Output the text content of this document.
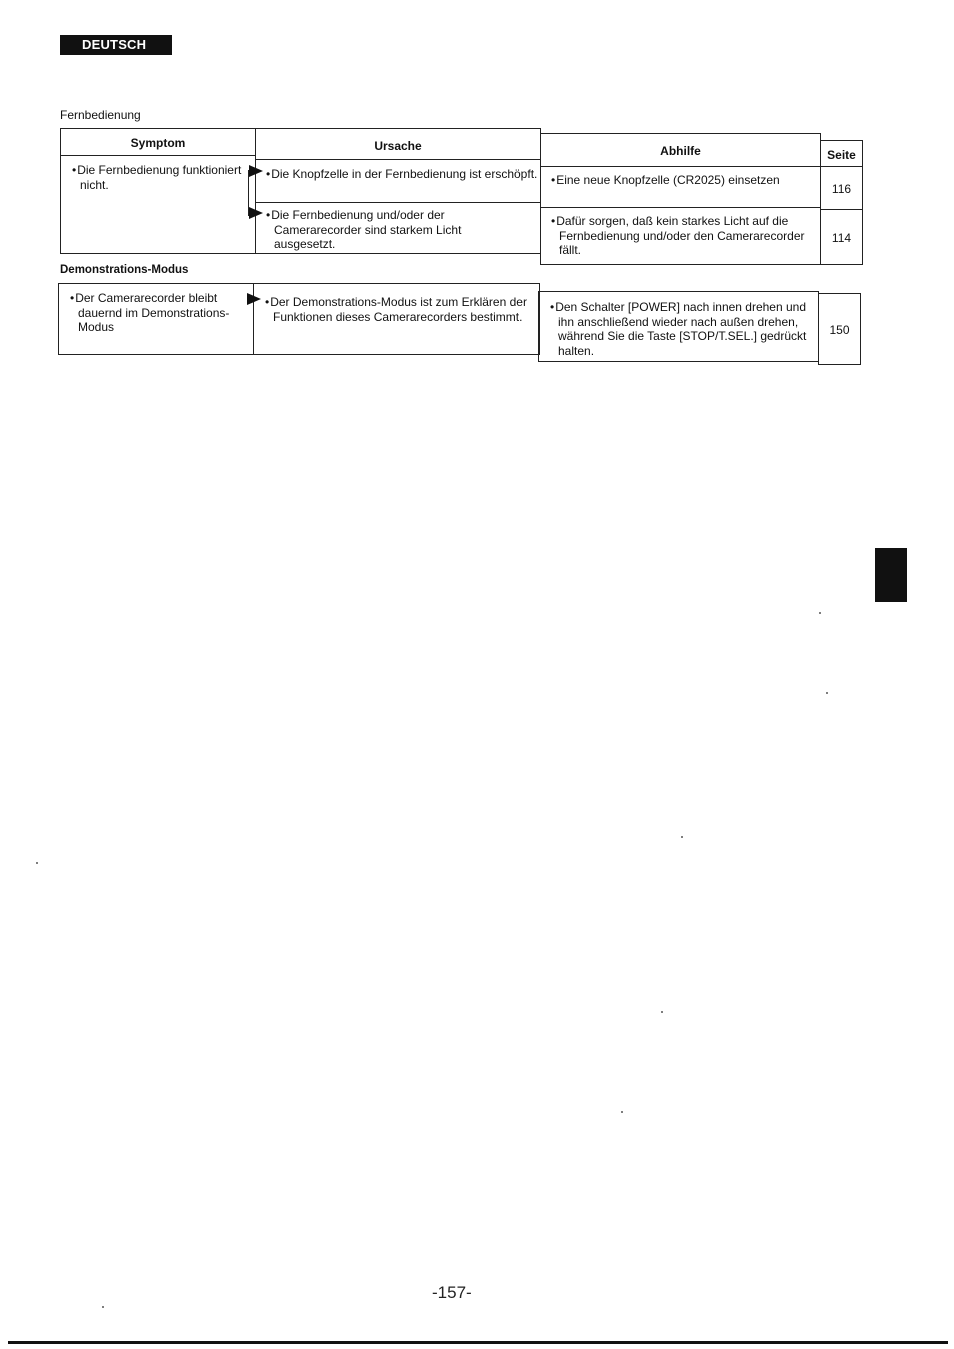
DEUTSCH
Fernbedienung
Symptom	Ursache	Abhilfe	Seite
• Die Fernbedienung funktioniert nicht.
• Die Knopfzelle in der Fernbedienung ist erschöpft.
•	Eine neue Knopfzelle (CR2025) einsetzen
116
• Die Fernbedienung und/oder der Camerarecorder sind starkem Licht ausgesetzt.
• Dafür sorgen, daß kein starkes Licht auf die Fernbedienung und/oder den Camerarecorder fällt.
114
Demonstrations-Modus
• Der Camerarecorder bleibt dauernd im Demonstrations-Modus
• Der Demonstrations-Modus ist zum Erklären der Funktionen dieses Camerarecorders bestimmt.
• Den Schalter [POWER] nach innen drehen und ihn anschließend wieder nach außen drehen, während Sie die Taste [STOP/T.SEL.] gedrückt halten.
150
-157-
